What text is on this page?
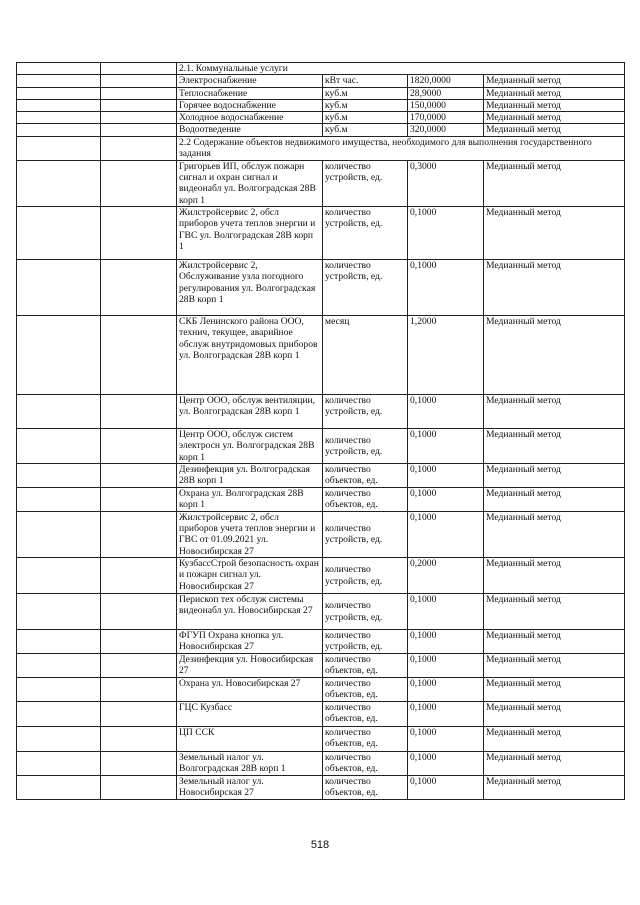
		2.1. Коммунальные услуги			
		Электроснабжение	кВт час.	1820,0000	Медианный метод
		Теплоснабжение	куб.м	28,9000	Медианный метод
		Горячее водоснабжение	куб.м	150,0000	Медианный метод
		Холодное водоснабжение	куб.м	170,0000	Медианный метод
		Водоотведение	куб.м	320,0000	Медианный метод
		2.2 Содержание объектов недвижимого имущества, необходимого для выполнения государственного задания			
		Григорьев ИП, обслуж пожарн сигнал и охран сигнал и видеонабл ул. Волгоградская 28В корп 1	количество устройств, ед.	0,3000	Медианный метод
		Жилстройсервис 2, обсл приборов учета теплов энергии и ГВС ул. Волгоградская 28В корп 1	количество устройств, ед.	0,1000	Медианный метод
		Жилстройсервис 2, Обслуживание узла погодного регулирования ул. Волгоградская 28В корп 1	количество устройств, ед.	0,1000	Медианный метод
		СКБ Ленинского района ООО, технич, текущее, аварийное обслуж внутридомовых приборов ул. Волгоградская 28В корп 1	месяц	1,2000	Медианный метод
		Центр ООО, обслуж вентиляции, ул. Волгоградская 28В корп 1	количество устройств, ед.	0,1000	Медианный метод
		Центр ООО, обслуж систем электросн ул. Волгоградская 28В корп 1	количество устройств, ед.	0,1000	Медианный метод
		Дезинфекция ул. Волгоградская 28В корп 1	количество объектов, ед.	0,1000	Медианный метод
		Охрана ул. Волгоградская 28В корп 1	количество объектов, ед.	0,1000	Медианный метод
		Жилстройсервис 2, обсл приборов учета теплов энергии и ГВС от 01.09.2021 ул. Новосибирская 27	количество устройств, ед.	0,1000	Медианный метод
		КузбассСтрой безопасность охран и пожарн сигнал ул. Новосибирская 27	количество устройств, ед.	0,2000	Медианный метод
		Перископ тех обслуж системы видеонабл ул. Новосибирская 27	количество устройств, ед.	0,1000	Медианный метод
		ФГУП Охрана кнопка ул. Новосибирская 27	количество устройств, ед.	0,1000	Медианный метод
		Дезинфекция ул. Новосибирская 27	количество объектов, ед.	0,1000	Медианный метод
		Охрана ул. Новосибирская 27	количество объектов, ед.	0,1000	Медианный метод
		ГЦС Кузбасс	количество объектов, ед.	0,1000	Медианный метод
		ЦП ССК	количество объектов, ед.	0,1000	Медианный метод
		Земельный налог ул. Волгоградская 28В корп 1	количество объектов, ед.	0,1000	Медианный метод
		Земельный налог ул. Новосибирская 27	количество объектов, ед.	0,1000	Медианный метод
518
